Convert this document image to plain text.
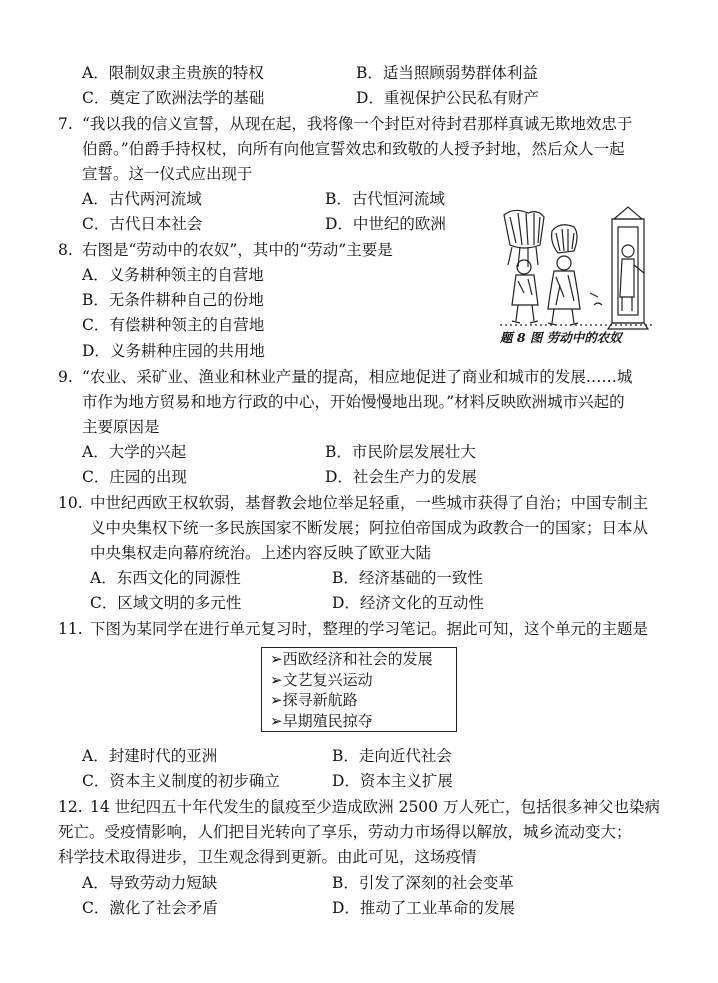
A．限制奴隶主贵族的特权	B．适当照顾弱势群体利益
C．奠定了欧洲法学的基础	D．重视保护公民私有财产
7. “我以我的信义宣誓，从现在起，我将像一个封臣对待封君那样真诚无欺地效忠于
伯爵。”伯爵手持权杖，向所有向他宣誓效忠和致敬的人授予封地，然后众人一起
宣誓。这一仪式应出现于
A．古代两河流域	B．古代恒河流域
C．古代日本社会	D．中世纪的欧洲
8. 右图是“劳动中的农奴”，其中的“劳动”主要是
A．义务耕种领主的自营地
B．无条件耕种自己的份地
C．有偿耕种领主的自营地
D．义务耕种庄园的共用地
题 8 图 劳动中的农奴
9. “农业、采矿业、渔业和林业产量的提高，相应地促进了商业和城市的发展……城
市作为地方贸易和地方行政的中心，开始慢慢地出现。”材料反映欧洲城市兴起的
主要原因是
A．大学的兴起	B．市民阶层发展壮大
C．庄园的出现	D．社会生产力的发展
10. 中世纪西欧王权软弱，基督教会地位举足轻重，一些城市获得了自治；中国专制主
义中央集权下统一多民族国家不断发展；阿拉伯帝国成为政教合一的国家；日本从
中央集权走向幕府统治。上述内容反映了欧亚大陆
A．东西文化的同源性	B．经济基础的一致性
C．区域文明的多元性	D．经济文化的互动性
11. 下图为某同学在进行单元复习时，整理的学习笔记。据此可知，这个单元的主题是
➢西欧经济和社会的发展
➢文艺复兴运动
➢探寻新航路
➢早期殖民掠夺
A．封建时代的亚洲	B．走向近代社会
C．资本主义制度的初步确立	D．资本主义扩展
12. 14 世纪四五十年代发生的鼠疫至少造成欧洲 2500 万人死亡，包括很多神父也染病
死亡。受疫情影响，人们把目光转向了享乐，劳动力市场得以解放，城乡流动变大；
科学技术取得进步，卫生观念得到更新。由此可见，这场疫情
A．导致劳动力短缺	B．引发了深刻的社会变革
C．激化了社会矛盾	D．推动了工业革命的发展
